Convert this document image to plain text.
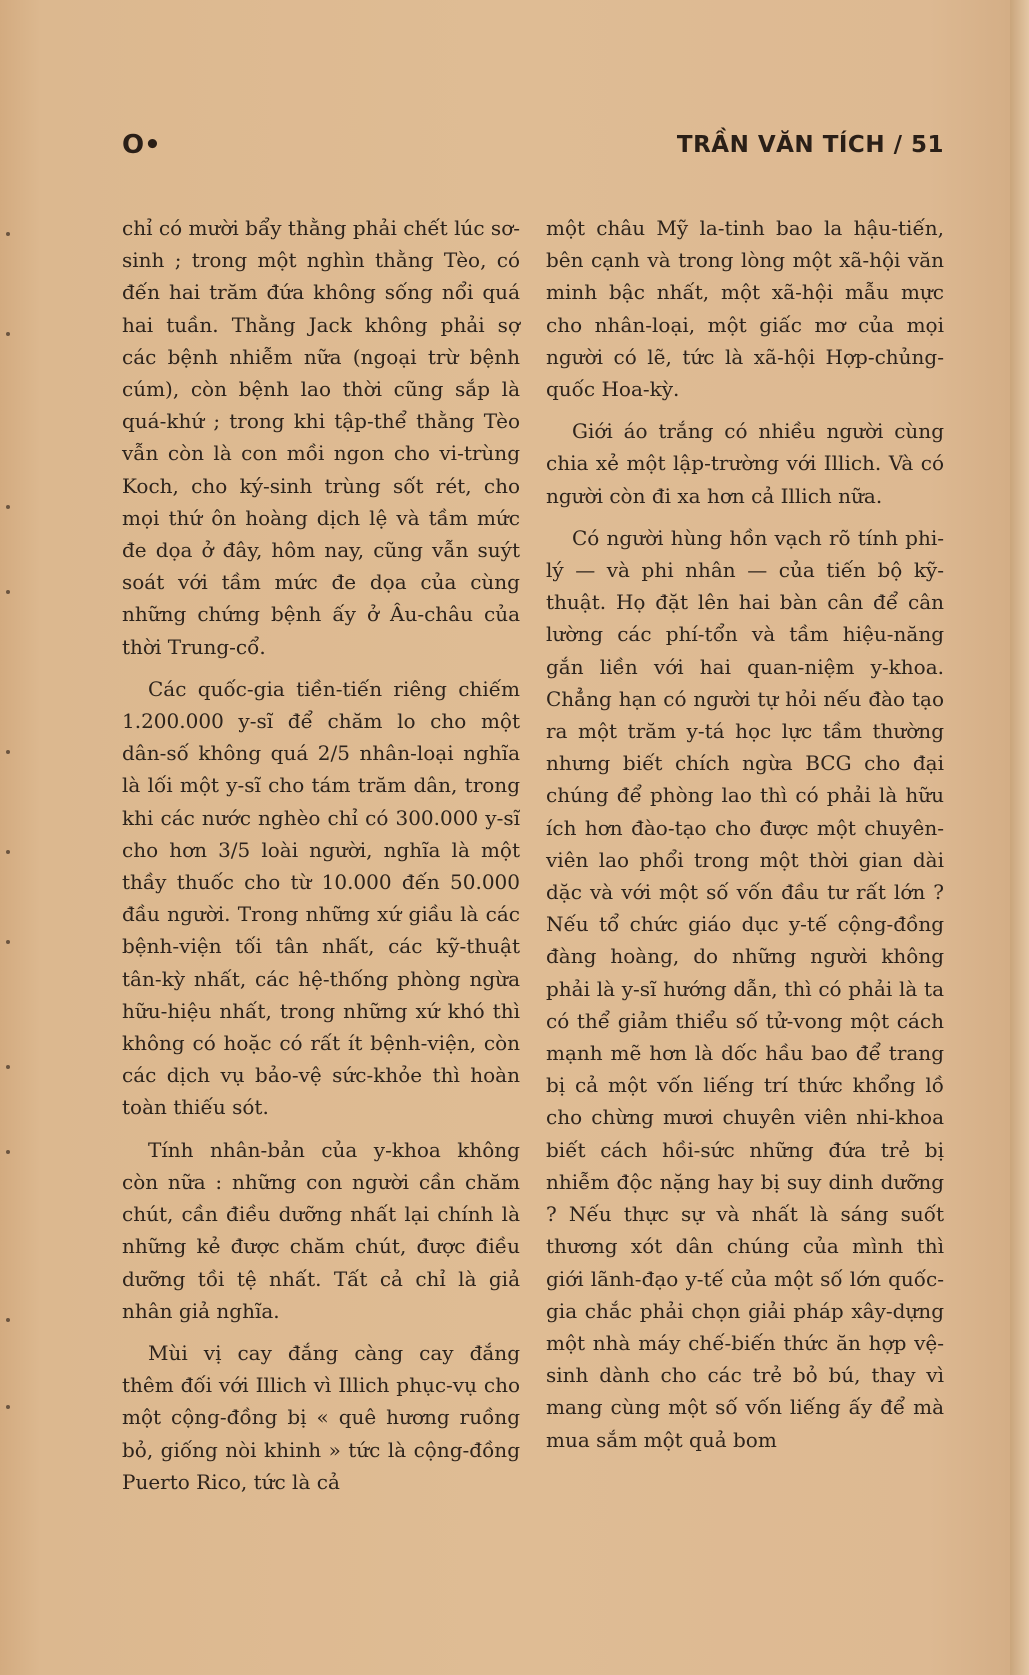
O•	TRẦN VĂN TÍCH / 51

chỉ có mười bẩy thằng phải chết lúc sơ-sinh ; trong một nghìn thằng Tèo, có đến hai trăm đứa không sống nổi quá hai tuần. Thằng Jack không phải sợ các bệnh nhiễm nữa (ngoại trừ bệnh cúm), còn bệnh lao thời cũng sắp là quá-khứ ; trong khi tập-thể thằng Tèo vẫn còn là con mồi ngon cho vi-trùng Koch, cho ký-sinh trùng sốt rét, cho mọi thứ ôn hoàng dịch lệ và tầm mức đe dọa ở đây, hôm nay, cũng vẫn suýt soát với tầm mức đe dọa của cùng những chứng bệnh ấy ở Âu-châu của thời Trung-cổ.

Các quốc-gia tiền-tiến riêng chiếm 1.200.000 y-sĩ để chăm lo cho một dân-số không quá 2/5 nhân-loại nghĩa là lối một y-sĩ cho tám trăm dân, trong khi các nước nghèo chỉ có 300.000 y-sĩ cho hơn 3/5 loài người, nghĩa là một thầy thuốc cho từ 10.000 đến 50.000 đầu người. Trong những xứ giầu là các bệnh-viện tối tân nhất, các kỹ-thuật tân-kỳ nhất, các hệ-thống phòng ngừa hữu-hiệu nhất, trong những xứ khó thì không có hoặc có rất ít bệnh-viện, còn các dịch vụ bảo-vệ sức-khỏe thì hoàn toàn thiếu sót.

Tính nhân-bản của y-khoa không còn nữa : những con người cần chăm chút, cần điều dưỡng nhất lại chính là những kẻ được chăm chút, được điều dưỡng tồi tệ nhất. Tất cả chỉ là giả nhân giả nghĩa.

Mùi vị cay đắng càng cay đắng thêm đối với Illich vì Illich phục-vụ cho một cộng-đồng bị « quê hương ruồng bỏ, giống nòi khinh » tức là cộng-đồng Puerto Rico, tức là cả

một châu Mỹ la-tinh bao la hậu-tiến, bên cạnh và trong lòng một xã-hội văn minh bậc nhất, một xã-hội mẫu mực cho nhân-loại, một giấc mơ của mọi người có lẽ, tức là xã-hội Hợp-chủng-quốc Hoa-kỳ.

Giới áo trắng có nhiều người cùng chia xẻ một lập-trường với Illich. Và có người còn đi xa hơn cả Illich nữa.

Có người hùng hồn vạch rõ tính phi-lý — và phi nhân — của tiến bộ kỹ-thuật. Họ đặt lên hai bàn cân để cân lường các phí-tổn và tầm hiệu-năng gắn liền với hai quan-niệm y-khoa. Chẳng hạn có người tự hỏi nếu đào tạo ra một trăm y-tá học lực tầm thường nhưng biết chích ngừa BCG cho đại chúng để phòng lao thì có phải là hữu ích hơn đào-tạo cho được một chuyên-viên lao phổi trong một thời gian dài dặc và với một số vốn đầu tư rất lớn ? Nếu tổ chức giáo dục y-tế cộng-đồng đàng hoàng, do những người không phải là y-sĩ hướng dẫn, thì có phải là ta có thể giảm thiểu số tử-vong một cách mạnh mẽ hơn là dốc hầu bao để trang bị cả một vốn liếng trí thức khổng lồ cho chừng mươi chuyên viên nhi-khoa biết cách hồi-sức những đứa trẻ bị nhiễm độc nặng hay bị suy dinh dưỡng ? Nếu thực sự và nhất là sáng suốt thương xót dân chúng của mình thì giới lãnh-đạo y-tế của một số lớn quốc-gia chắc phải chọn giải pháp xây-dựng một nhà máy chế-biến thức ăn hợp vệ-sinh dành cho các trẻ bỏ bú, thay vì mang cùng một số vốn liếng ấy để mà mua sắm một quả bom
